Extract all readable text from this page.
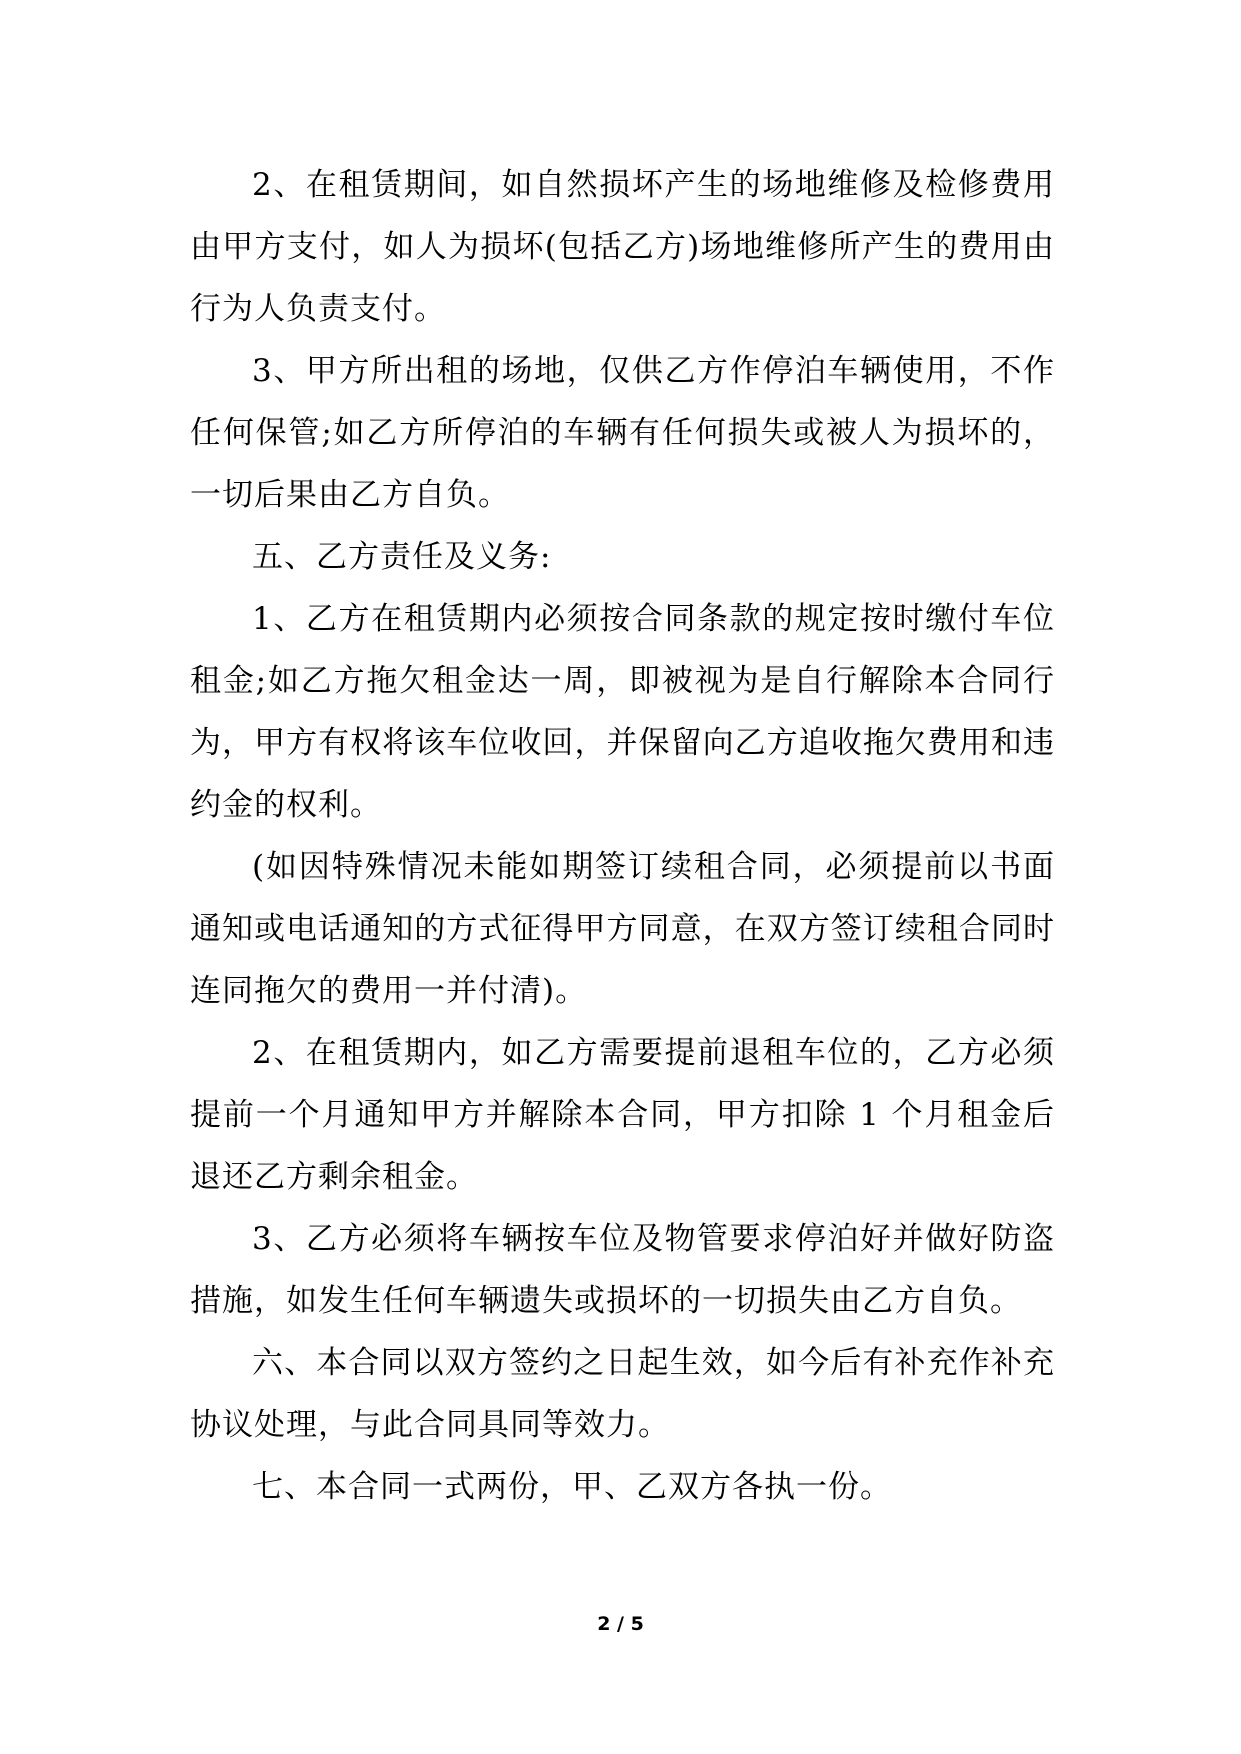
2、在租赁期间，如自然损坏产生的场地维修及检修费用由甲方支付，如人为损坏(包括乙方)场地维修所产生的费用由行为人负责支付。

3、甲方所出租的场地，仅供乙方作停泊车辆使用，不作任何保管;如乙方所停泊的车辆有任何损失或被人为损坏的，一切后果由乙方自负。

五、乙方责任及义务:

1、乙方在租赁期内必须按合同条款的规定按时缴付车位租金;如乙方拖欠租金达一周，即被视为是自行解除本合同行为，甲方有权将该车位收回，并保留向乙方追收拖欠费用和违约金的权利。

(如因特殊情况未能如期签订续租合同，必须提前以书面通知或电话通知的方式征得甲方同意，在双方签订续租合同时连同拖欠的费用一并付清)。

2、在租赁期内，如乙方需要提前退租车位的，乙方必须提前一个月通知甲方并解除本合同，甲方扣除 1 个月租金后退还乙方剩余租金。

3、乙方必须将车辆按车位及物管要求停泊好并做好防盗措施，如发生任何车辆遗失或损坏的一切损失由乙方自负。

六、本合同以双方签约之日起生效，如今后有补充作补充协议处理，与此合同具同等效力。

七、本合同一式两份，甲、乙双方各执一份。

2 / 5
